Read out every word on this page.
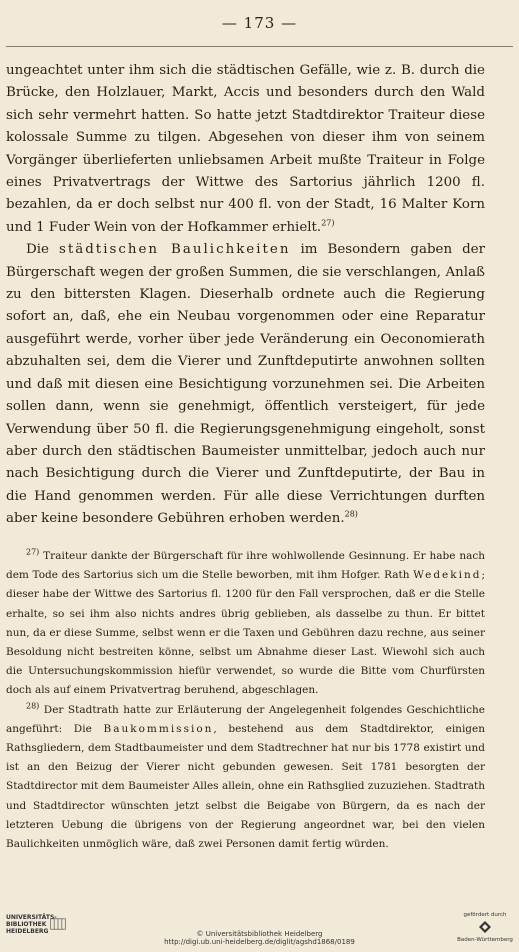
— 173 —

ungeachtet unter ihm sich die städtischen Gefälle, wie z. B. durch die Brücke, den Holzlauer, Markt, Accis und besonders durch den Wald sich sehr vermehrt hatten. So hatte jetzt Stadtdirektor Traiteur diese kolossale Summe zu tilgen. Abgesehen von dieser ihm von seinem Vorgänger überlieferten unliebsamen Arbeit mußte Traiteur in Folge eines Privatvertrags der Wittwe des Sartorius jährlich 1200 fl. bezahlen, da er doch selbst nur 400 fl. von der Stadt, 16 Malter Korn und 1 Fuder Wein von der Hofkammer erhielt.$^{27)}$

Die städtischen Baulichkeiten im Besondern gaben der Bürgerschaft wegen der großen Summen, die sie verschlangen, Anlaß zu den bittersten Klagen. Dieserhalb ordnete auch die Regierung sofort an, daß, ehe ein Neubau vorgenommen oder eine Reparatur ausgeführt werde, vorher über jede Veränderung ein Oeconomierath abzuhalten sei, dem die Vierer und Zunftdeputirte anwohnen sollten und daß mit diesen eine Besichtigung vorzunehmen sei. Die Arbeiten sollen dann, wenn sie genehmigt, öffentlich versteigert, für jede Verwendung über 50 fl. die Regierungsgenehmigung eingeholt, sonst aber durch den städtischen Baumeister unmittelbar, jedoch auch nur nach Besichtigung durch die Vierer und Zunftdeputirte, der Bau in die Hand genommen werden. Für alle diese Verrichtungen durften aber keine besondere Gebühren erhoben werden.$^{28)}$

$^{27)}$ Traiteur dankte der Bürgerschaft für ihre wohlwollende Gesinnung. Er habe nach dem Tode des Sartorius sich um die Stelle beworben, mit ihm Hofger. Rath Wedekind; dieser habe der Wittwe des Sartorius fl. 1200 für den Fall versprochen, daß er die Stelle erhalte, so sei ihm also nichts andres übrig geblieben, als dasselbe zu thun. Er bittet nun, da er diese Summe, selbst wenn er die Taxen und Gebühren dazu rechne, aus seiner Besoldung nicht bestreiten könne, selbst um Abnahme dieser Last. Wiewohl sich auch die Untersuchungskommission hiefür verwendet, so wurde die Bitte vom Churfürsten doch als auf einem Privatvertrag beruhend, abgeschlagen.

$^{28)}$ Der Stadtrath hatte zur Erläuterung der Angelegenheit folgendes Geschichtliche angeführt: Die Baukommission, bestehend aus dem Stadtdirektor, einigen Rathsgliedern, dem Stadtbaumeister und dem Stadtrechner hat nur bis 1778 existirt und ist an den Beizug der Vierer nicht gebunden gewesen. Seit 1781 besorgten der Stadtdirector mit dem Baumeister Alles allein, ohne ein Rathsglied zuzuziehen. Stadtrath und Stadtdirector wünschten jetzt selbst die Beigabe von Bürgern, da es nach der letzteren Uebung die übrigens von der Regierung angeordnet war, bei den vielen Baulichkeiten unmöglich wäre, daß zwei Personen damit fertig würden.

UNIVERSITÄTS-
BIBLIOTHEK
HEIDELBERG	© Universitätsbibliothek Heidelberg
http://digi.ub.uni-heidelberg.de/diglit/agshd1868/0189
gefördert durch
Baden-Württemberg
